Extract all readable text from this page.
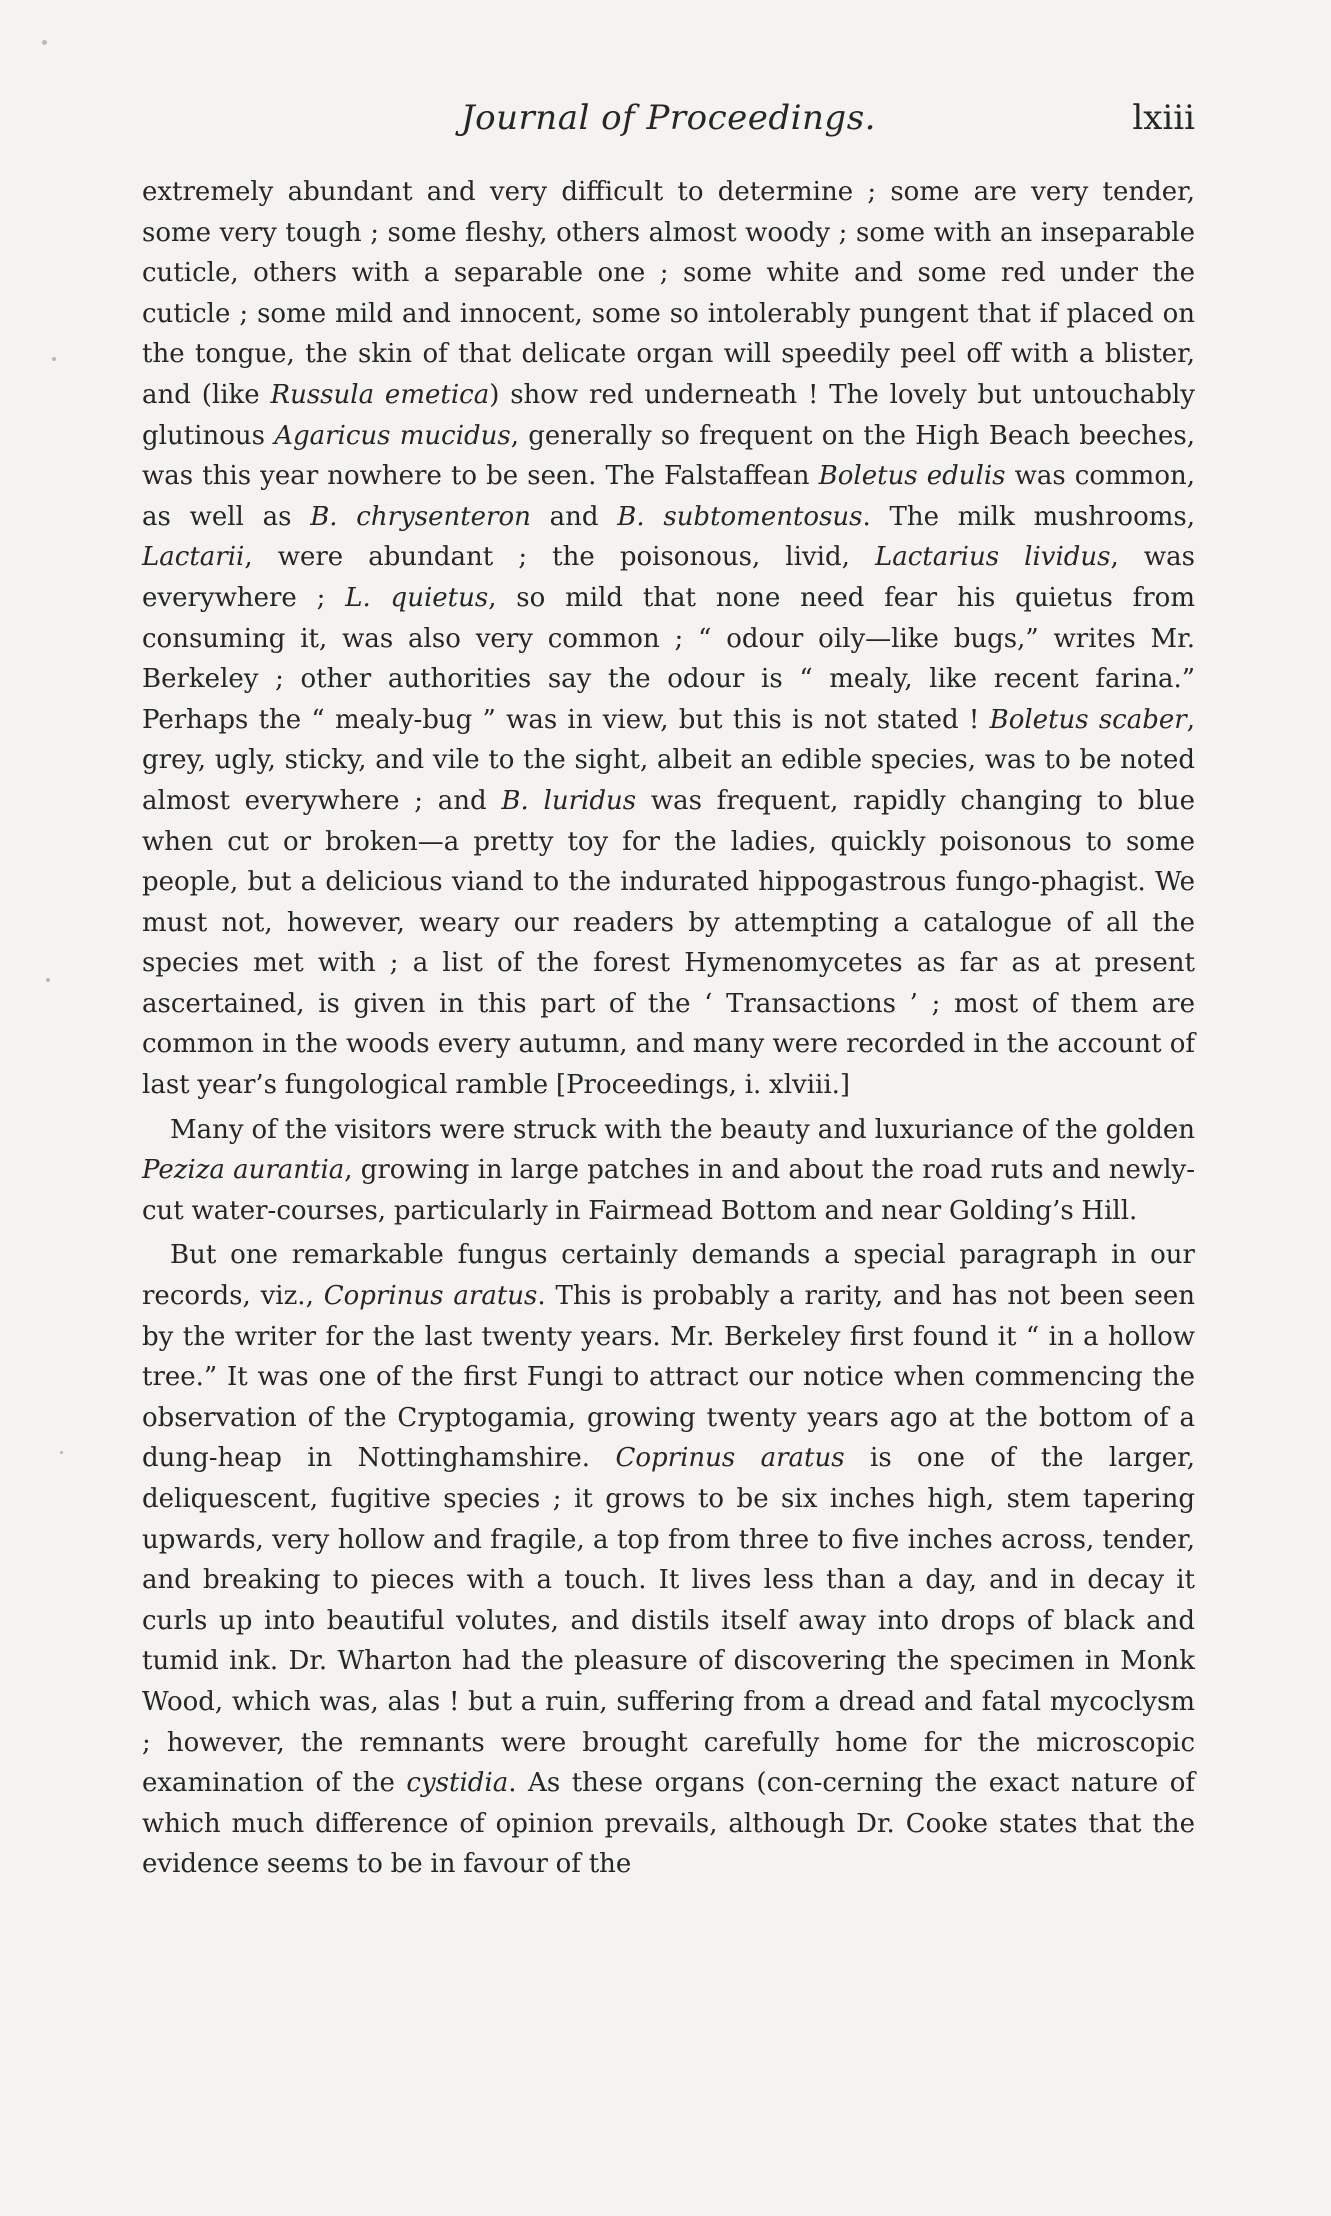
Journal of Proceedings.	lxiii

extremely abundant and very difficult to determine ; some are very tender, some very tough ; some fleshy, others almost woody ; some with an inseparable cuticle, others with a separable one ; some white and some red under the cuticle ; some mild and innocent, some so intolerably pungent that if placed on the tongue, the skin of that delicate organ will speedily peel off with a blister, and (like Russula emetica) show red underneath ! The lovely but untouchably glutinous Agaricus mucidus, generally so frequent on the High Beach beeches, was this year nowhere to be seen. The Falstaffean Boletus edulis was common, as well as B. chrysenteron and B. subtomentosus. The milk mushrooms, Lactarii, were abundant ; the poisonous, livid, Lactarius lividus, was everywhere ; L. quietus, so mild that none need fear his quietus from consuming it, was also very common ; “ odour oily—like bugs,” writes Mr. Berkeley ; other authorities say the odour is “ mealy, like recent farina.” Perhaps the “ mealy-bug ” was in view, but this is not stated ! Boletus scaber, grey, ugly, sticky, and vile to the sight, albeit an edible species, was to be noted almost everywhere ; and B. luridus was frequent, rapidly changing to blue when cut or broken—a pretty toy for the ladies, quickly poisonous to some people, but a delicious viand to the indurated hippogastrous fungo-phagist. We must not, however, weary our readers by attempting a catalogue of all the species met with ; a list of the forest Hymenomycetes as far as at present ascertained, is given in this part of the ‘ Transactions ’ ; most of them are common in the woods every autumn, and many were recorded in the account of last year’s fungological ramble [Proceedings, i. xlviii.]

Many of the visitors were struck with the beauty and luxuriance of the golden Peziza aurantia, growing in large patches in and about the road ruts and newly-cut water-courses, particularly in Fairmead Bottom and near Golding’s Hill.

But one remarkable fungus certainly demands a special paragraph in our records, viz., Coprinus aratus. This is probably a rarity, and has not been seen by the writer for the last twenty years. Mr. Berkeley first found it “ in a hollow tree.” It was one of the first Fungi to attract our notice when commencing the observation of the Cryptogamia, growing twenty years ago at the bottom of a dung-heap in Nottinghamshire. Coprinus aratus is one of the larger, deliquescent, fugitive species ; it grows to be six inches high, stem tapering upwards, very hollow and fragile, a top from three to five inches across, tender, and breaking to pieces with a touch. It lives less than a day, and in decay it curls up into beautiful volutes, and distils itself away into drops of black and tumid ink. Dr. Wharton had the pleasure of discovering the specimen in Monk Wood, which was, alas ! but a ruin, suffering from a dread and fatal mycoclysm ; however, the remnants were brought carefully home for the microscopic examination of the cystidia. As these organs (con-cerning the exact nature of which much difference of opinion prevails, although Dr. Cooke states that the evidence seems to be in favour of the
